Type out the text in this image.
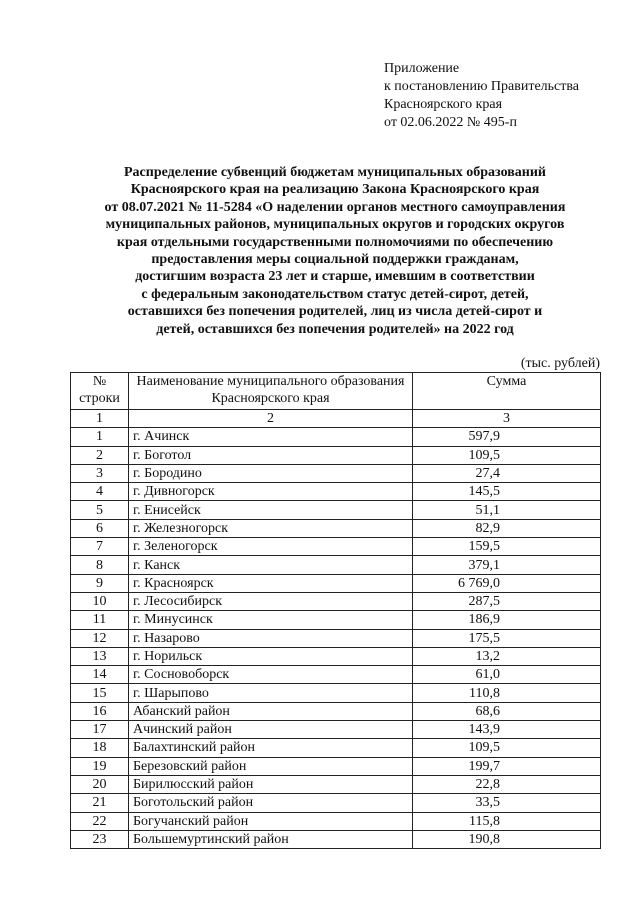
Приложение
к постановлению Правительства
Красноярского края
от 02.06.2022 № 495-п
Распределение субвенций бюджетам муниципальных образований
Красноярского края на реализацию Закона Красноярского края
от 08.07.2021 № 11-5284 «О наделении органов местного самоуправления
муниципальных районов, муниципальных округов и городских округов
края отдельными государственными полномочиями по обеспечению
предоставления меры социальной поддержки гражданам,
достигшим возраста 23 лет и старше, имевшим в соответствии
с федеральным законодательством статус детей-сирот, детей,
оставшихся без попечения родителей, лиц из числа детей-сирот и
детей, оставшихся без попечения родителей» на 2022 год
(тыс. рублей)
№ строки	Наименование муниципального образования Красноярского края	Сумма
1	2	3
1	г. Ачинск	597,9
2	г. Боготол	109,5
3	г. Бородино	27,4
4	г. Дивногорск	145,5
5	г. Енисейск	51,1
6	г. Железногорск	82,9
7	г. Зеленогорск	159,5
8	г. Канск	379,1
9	г. Красноярск	6 769,0
10	г. Лесосибирск	287,5
11	г. Минусинск	186,9
12	г. Назарово	175,5
13	г. Норильск	13,2
14	г. Сосновоборск	61,0
15	г. Шарыпово	110,8
16	Абанский район	68,6
17	Ачинский район	143,9
18	Балахтинский район	109,5
19	Березовский район	199,7
20	Бирилюсский район	22,8
21	Боготольский район	33,5
22	Богучанский район	115,8
23	Большемуртинский район	190,8
